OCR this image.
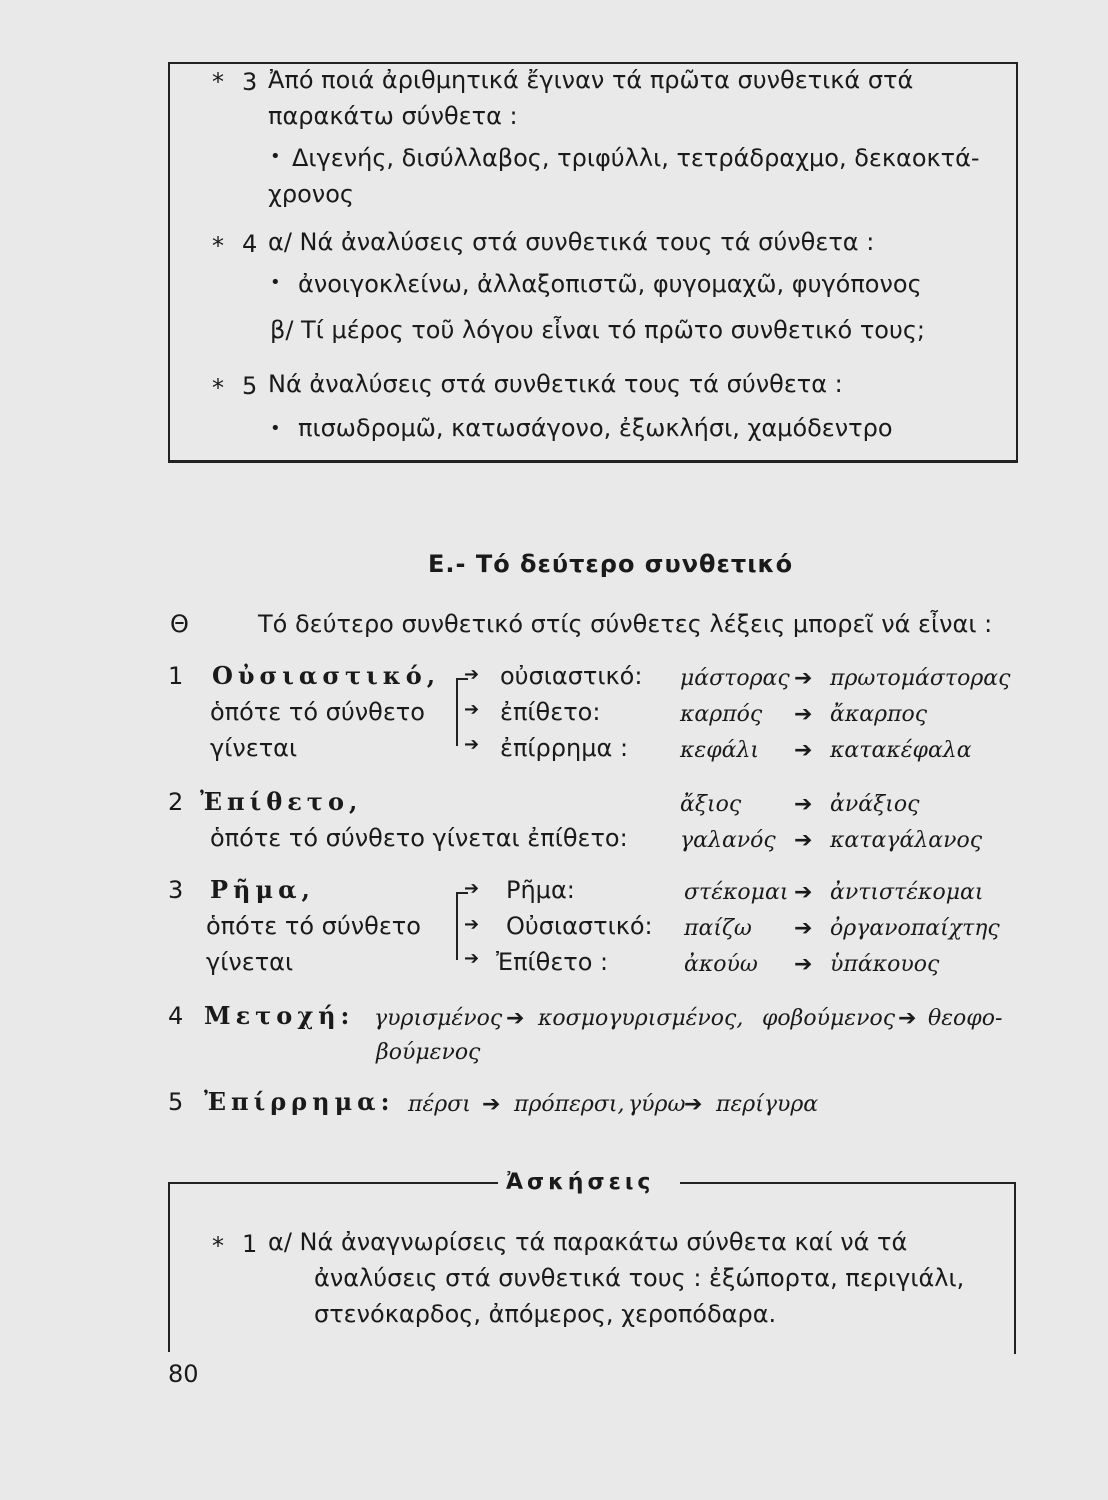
* 3 Ἀπό ποιά ἀριθμητικά ἔγιναν τά πρῶτα συνθετικά στά
παρακάτω σύνθετα :
• Διγενής, δισύλλαβος, τριφύλλι, τετράδραχμο, δεκαοκτά-
χρονος
* 4 α/ Νά ἀναλύσεις στά συνθετικά τους τά σύνθετα :
• ἀνοιγοκλείνω, ἀλλαξοπιστῶ, φυγομαχῶ, φυγόπονος
β/ Τί μέρος τοῦ λόγου εἶναι τό πρῶτο συνθετικό τους;
* 5 Νά ἀναλύσεις στά συνθετικά τους τά σύνθετα :
• πισωδρομῶ, κατωσάγονο, ἐξωκλήσι, χαμόδεντρο
Ε.- Τό δεύτερο συνθετικό
Θ	Τό δεύτερο συνθετικό στίς σύνθετες λέξεις μπορεῖ νά εἶναι :
1 Οὐσιαστικό,
ὁπότε τό σύνθετο
γίνεται
➔
➔
➔
οὐσιαστικό: μάστορας ➔ πρωτομάστορας
ἐπίθετο:	καρπός ➔ ἄκαρπος
ἐπίρρημα : κεφάλι ➔ κατακέφαλα
2 Ἐπίθετο,
ὁπότε τό σύνθετο γίνεται ἐπίθετο:
ἄξιος ➔ ἀνάξιος
γαλανός ➔ καταγάλανος
3 Ρῆμα,
ὁπότε τό σύνθετο
γίνεται
➔
➔
➔
Ρῆμα:	στέκομαι ➔ ἀντιστέκομαι
Οὐσιαστικό: παίζω ➔ ὀργανοπαίχτης
Ἐπίθετο :	ἀκούω ➔ ὑπάκουος
4 Μετοχή: γυρισμένος ➔ κοσμογυρισμένος, φοβούμενος ➔ θεοφο-
βούμενος
5 Ἐπίρρημα: πέρσι ➔ πρόπερσι, γύρω
➔ περίγυρα
Ἀσκήσεις
* 1 α/ Νά ἀναγνωρίσεις τά παρακάτω σύνθετα καί νά τά
ἀναλύσεις στά συνθετικά τους : ἐξώπορτα, περιγιάλι,
στενόκαρδος, ἀπόμερος, χεροπόδαρα.
80
